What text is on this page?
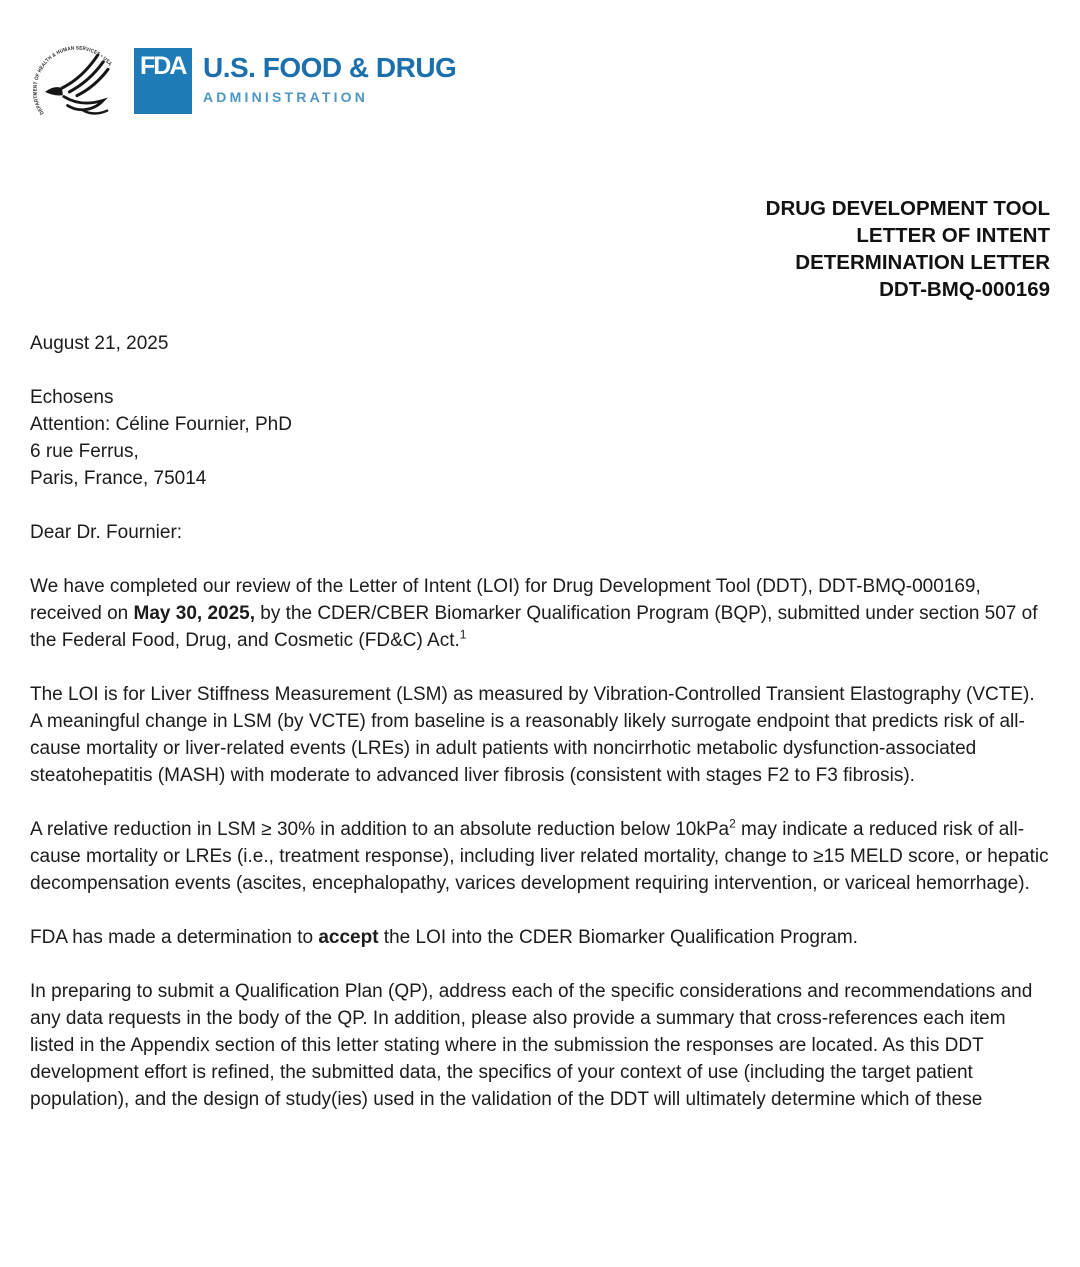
DEPARTMENT OF HEALTH & HUMAN SERVICES • USA FDA U.S. FOOD & DRUG
ADMINISTRATION
DRUG DEVELOPMENT TOOL
LETTER OF INTENT
DETERMINATION LETTER
DDT-BMQ-000169

August 21, 2025

Echosens
Attention: Céline Fournier, PhD
6 rue Ferrus,
Paris, France, 75014

Dear Dr. Fournier:

We have completed our review of the Letter of Intent (LOI) for Drug Development Tool (DDT), DDT-BMQ-000169, received on May 30, 2025, by the CDER/CBER Biomarker Qualification Program (BQP), submitted under section 507 of the Federal Food, Drug, and Cosmetic (FD&C) Act.$^1$

The LOI is for Liver Stiffness Measurement (LSM) as measured by Vibration-Controlled Transient Elastography (VCTE). A meaningful change in LSM (by VCTE) from baseline is a reasonably likely surrogate endpoint that predicts risk of all-cause mortality or liver-related events (LREs) in adult patients with noncirrhotic metabolic dysfunction-associated steatohepatitis (MASH) with moderate to advanced liver fibrosis (consistent with stages F2 to F3 fibrosis).

A relative reduction in LSM ≥ 30% in addition to an absolute reduction below 10kPa$^2$ may indicate a reduced risk of all-cause mortality or LREs (i.e., treatment response), including liver related mortality, change to ≥15 MELD score, or hepatic decompensation events (ascites, encephalopathy, varices development requiring intervention, or variceal hemorrhage).

FDA has made a determination to accept the LOI into the CDER Biomarker Qualification Program.

In preparing to submit a Qualification Plan (QP), address each of the specific considerations and recommendations and any data requests in the body of the QP. In addition, please also provide a summary that cross-references each item listed in the Appendix section of this letter stating where in the submission the responses are located. As this DDT development effort is refined, the submitted data, the specifics of your context of use (including the target patient population), and the design of study(ies) used in the validation of the DDT will ultimately determine which of these
